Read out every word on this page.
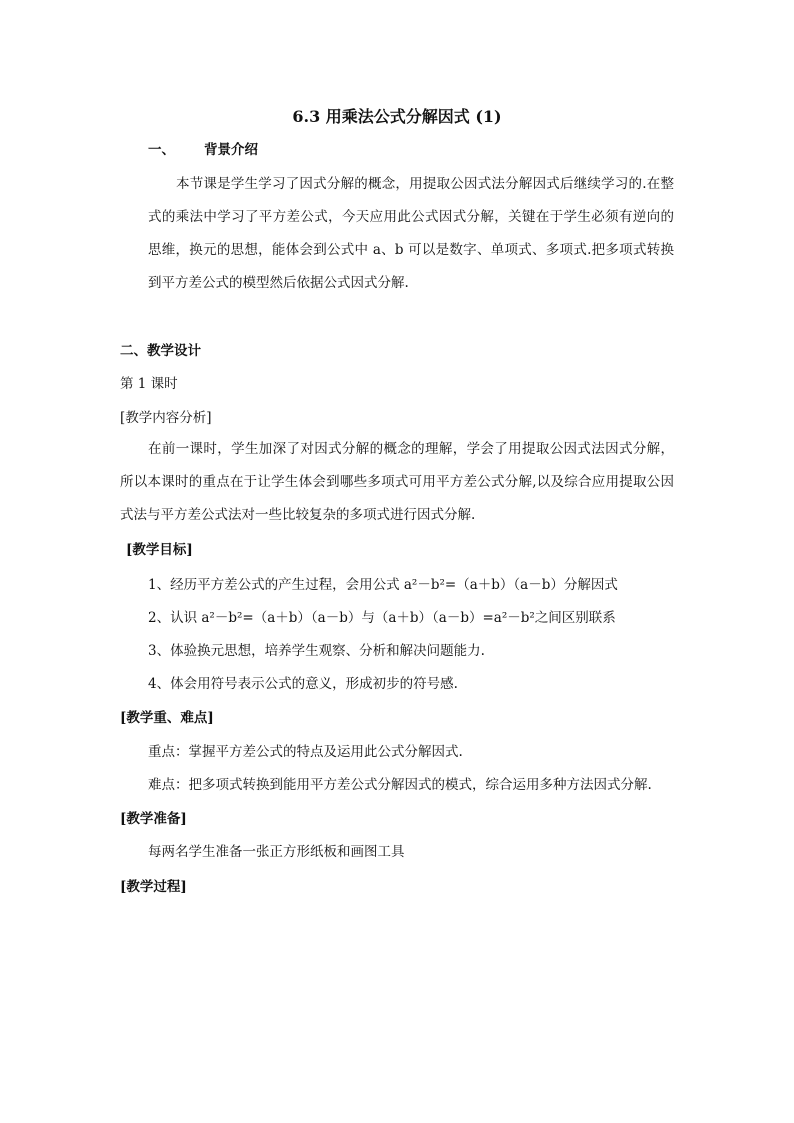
6.3 用乘法公式分解因式 (1)
一、 背景介绍
本节课是学生学习了因式分解的概念，用提取公因式法分解因式后继续学习的.在整式的乘法中学习了平方差公式，今天应用此公式因式分解，关键在于学生必须有逆向的思维，换元的思想，能体会到公式中 a、b 可以是数字、单项式、多项式.把多项式转换到平方差公式的模型然后依据公式因式分解.
二、教学设计
第 1 课时
[教学内容分析]
在前一课时，学生加深了对因式分解的概念的理解，学会了用提取公因式法因式分解，所以本课时的重点在于让学生体会到哪些多项式可用平方差公式分解,以及综合应用提取公因式法与平方差公式法对一些比较复杂的多项式进行因式分解.
[教学目标]
1、经历平方差公式的产生过程，会用公式 a²－b²=（a＋b）（a－b）分解因式
2、认识 a²－b²=（a＋b）（a－b）与（a＋b）（a－b）=a²－b²之间区别联系
3、体验换元思想，培养学生观察、分析和解决问题能力.
4、体会用符号表示公式的意义，形成初步的符号感.
[教学重、难点]
重点：掌握平方差公式的特点及运用此公式分解因式.
难点：把多项式转换到能用平方差公式分解因式的模式，综合运用多种方法因式分解.
[教学准备]
每两名学生准备一张正方形纸板和画图工具
[教学过程]
